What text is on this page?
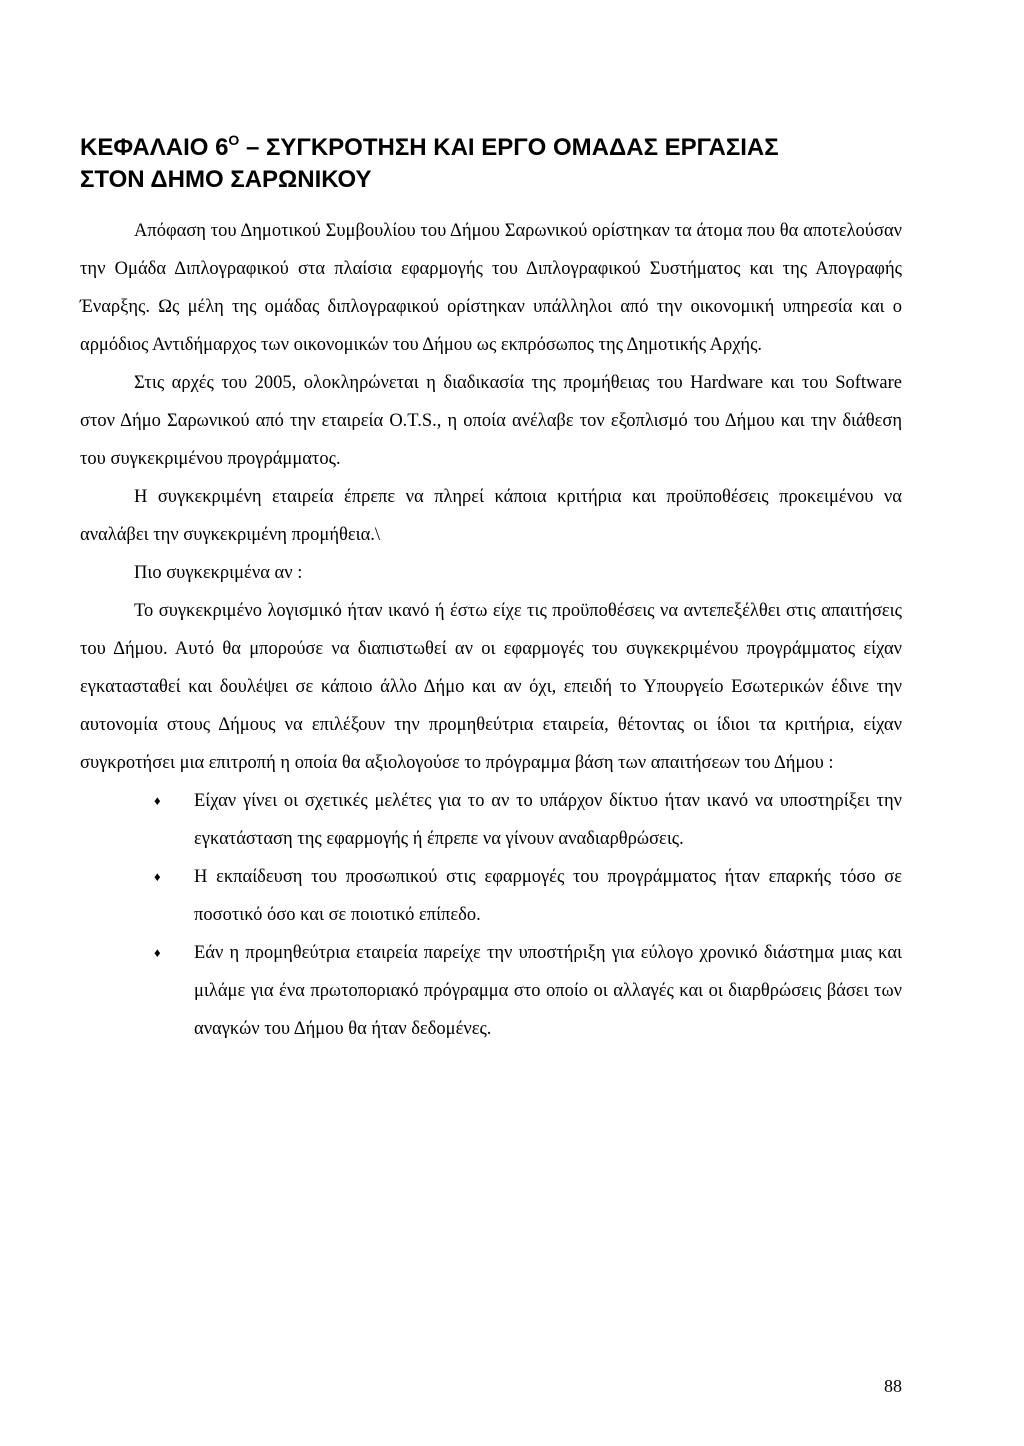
ΚΕΦΑΛΑΙΟ $6^O$ – ΣΥΓΚΡΟΤΗΣΗ ΚΑΙ ΕΡΓΟ ΟΜΑΔΑΣ ΕΡΓΑΣΙΑΣ
ΣΤΟΝ ΔΗΜΟ ΣΑΡΩΝΙΚΟΥ

Απόφαση του Δημοτικού Συμβουλίου του Δήμου Σαρωνικού ορίστηκαν τα άτομα που θα αποτελούσαν την Ομάδα Διπλογραφικού στα πλαίσια εφαρμογής του Διπλογραφικού Συστήματος και της Απογραφής Έναρξης. Ως μέλη της ομάδας διπλογραφικού ορίστηκαν υπάλληλοι από την οικονομική υπηρεσία και ο αρμόδιος Αντιδήμαρχος των οικονομικών του Δήμου ως εκπρόσωπος της Δημοτικής Αρχής.

Στις αρχές του 2005, ολοκληρώνεται η διαδικασία της προμήθειας του Hardware και του Software στον Δήμο Σαρωνικού από την εταιρεία Ο.T.S., η οποία ανέλαβε τον εξοπλισμό του Δήμου και την διάθεση του συγκεκριμένου προγράμματος.

Η συγκεκριμένη εταιρεία έπρεπε να πληρεί κάποια κριτήρια και προϋποθέσεις προκειμένου να αναλάβει την συγκεκριμένη προμήθεια.\

Πιο συγκεκριμένα αν :

Το συγκεκριμένο λογισμικό ήταν ικανό ή έστω είχε τις προϋποθέσεις να αντεπεξέλθει στις απαιτήσεις του Δήμου. Αυτό θα μπορούσε να διαπιστωθεί αν οι εφαρμογές του συγκεκριμένου προγράμματος είχαν εγκατασταθεί και δουλέψει σε κάποιο άλλο Δήμο και αν όχι, επειδή το Υπουργείο Εσωτερικών έδινε την αυτονομία στους Δήμους να επιλέξουν την προμηθεύτρια εταιρεία, θέτοντας οι ίδιοι τα κριτήρια, είχαν συγκροτήσει μια επιτροπή η οποία θα αξιολογούσε το πρόγραμμα βάση των απαιτήσεων του Δήμου :

♦ Είχαν γίνει οι σχετικές μελέτες για το αν το υπάρχον δίκτυο ήταν ικανό να υποστηρίξει την εγκατάσταση της εφαρμογής ή έπρεπε να γίνουν αναδιαρθρώσεις.
♦ Η εκπαίδευση του προσωπικού στις εφαρμογές του προγράμματος ήταν επαρκής τόσο σε ποσοτικό όσο και σε ποιοτικό επίπεδο.
♦ Εάν η προμηθεύτρια εταιρεία παρείχε την υποστήριξη για εύλογο χρονικό διάστημα μιας και μιλάμε για ένα πρωτοποριακό πρόγραμμα στο οποίο οι αλλαγές και οι διαρθρώσεις βάσει των αναγκών του Δήμου θα ήταν δεδομένες.
88
